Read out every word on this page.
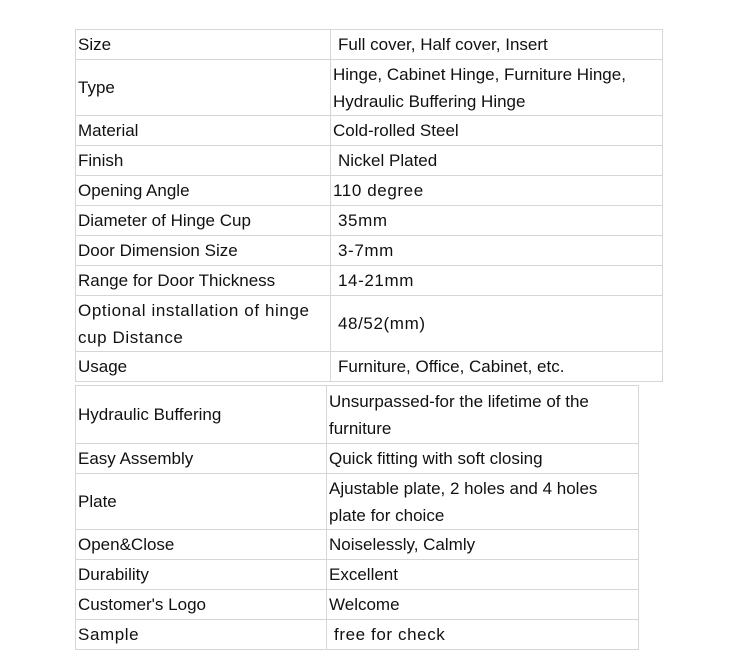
Size	Full cover, Half cover, Insert
Type	Hinge, Cabinet Hinge, Furniture Hinge, Hydraulic Buffering Hinge
Material	Cold-rolled Steel
Finish	Nickel Plated
Opening Angle	110 degree
Diameter of Hinge Cup	35mm
Door Dimension Size	3-7mm
Range for Door Thickness	14-21mm
Optional installation of hinge cup Distance	48/52(mm)
Usage	Furniture, Office, Cabinet, etc.
Hydraulic Buffering	Unsurpassed-for the lifetime of the furniture
Easy Assembly	Quick fitting with soft closing
Plate	Ajustable plate, 2 holes and 4 holes plate for choice
Open&Close	Noiselessly, Calmly
Durability	Excellent
Customer's Logo	Welcome
Sample	free for check
